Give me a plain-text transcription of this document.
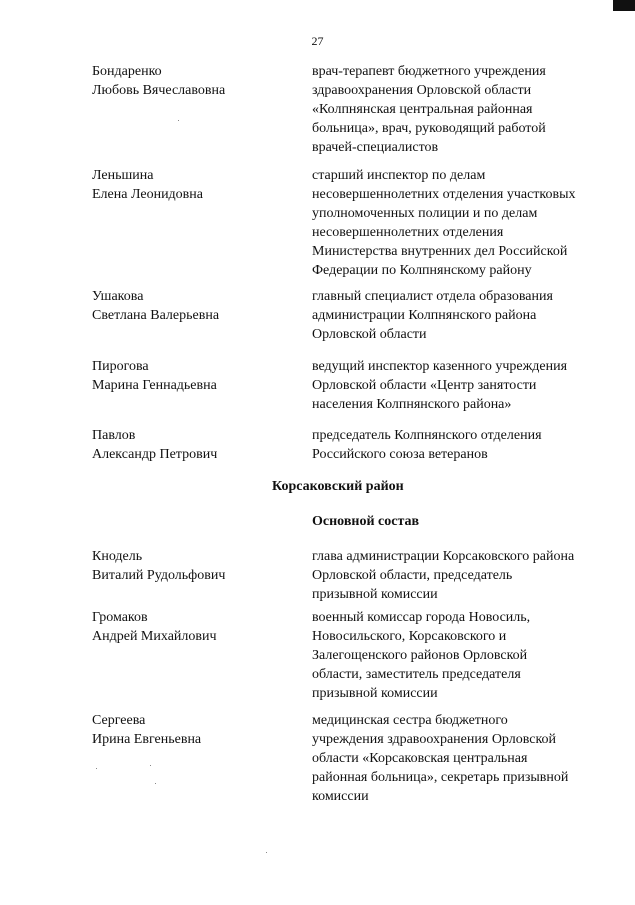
27
Бондаренко
Любовь Вячеславовна
врач-терапевт бюджетного учреждения
здравоохранения Орловской области
«Колпнянская центральная районная
больница», врач, руководящий работой
врачей-специалистов
Леньшина
Елена Леонидовна
старший инспектор по делам
несовершеннолетних отделения участковых
уполномоченных полиции и по делам
несовершеннолетних отделения
Министерства внутренних дел Российской
Федерации по Колпнянскому району
Ушакова
Светлана Валерьевна
главный специалист отдела образования
администрации Колпнянского района
Орловской области
Пирогова
Марина Геннадьевна
ведущий инспектор казенного учреждения
Орловской области «Центр занятости
населения Колпнянского района»
Павлов
Александр Петрович
председатель Колпнянского отделения
Российского союза ветеранов
Корсаковский район
Основной состав
Кнодель
Виталий Рудольфович
глава администрации Корсаковского района
Орловской области, председатель
призывной комиссии
Громаков
Андрей Михайлович
военный комиссар города Новосиль,
Новосильского, Корсаковского и
Залегощенского районов Орловской
области, заместитель председателя
призывной комиссии
Сергеева
Ирина Евгеньевна
медицинская сестра бюджетного
учреждения здравоохранения Орловской
области «Корсаковская центральная
районная больница», секретарь призывной
комиссии
